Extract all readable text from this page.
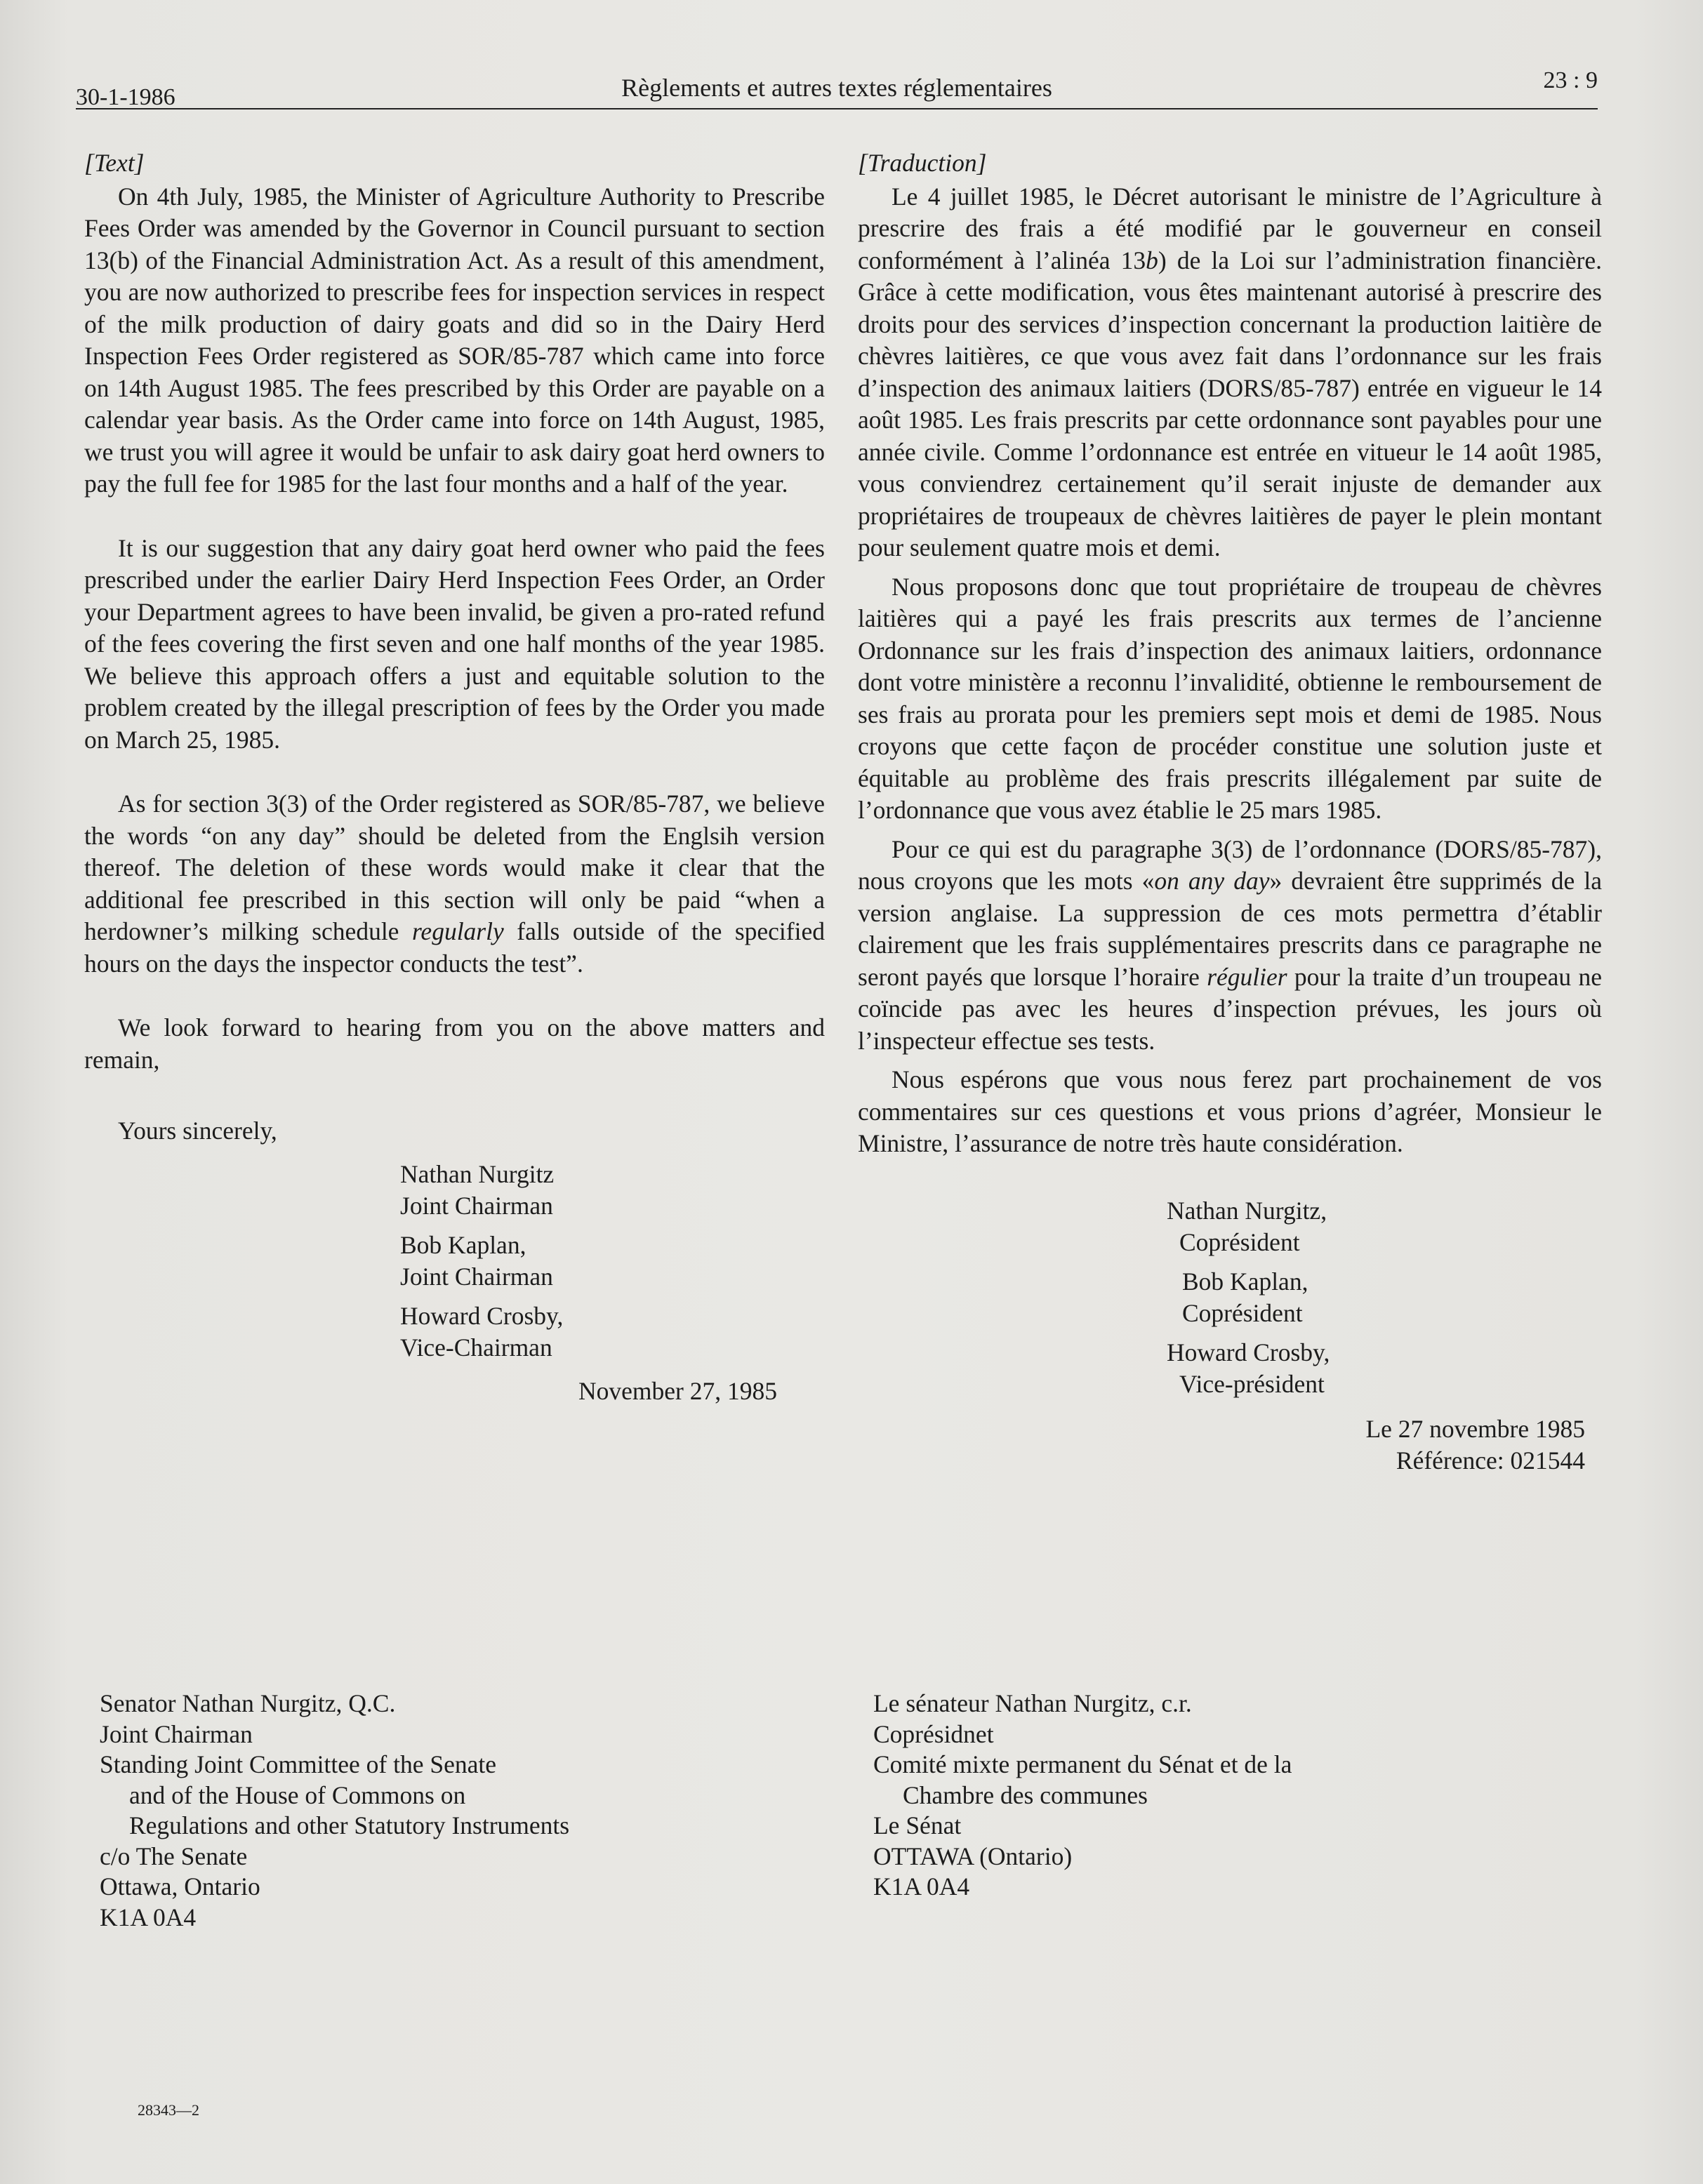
30-1-1986	Règlements et autres textes réglementaires	23 : 9
[Text]

On 4th July, 1985, the Minister of Agriculture Authority to Prescribe Fees Order was amended by the Governor in Council pursuant to section 13(b) of the Financial Administration Act. As a result of this amendment, you are now authorized to prescribe fees for inspection services in respect of the milk production of dairy goats and did so in the Dairy Herd Inspection Fees Order registered as SOR/85-787 which came into force on 14th August 1985. The fees prescribed by this Order are payable on a calendar year basis. As the Order came into force on 14th August, 1985, we trust you will agree it would be unfair to ask dairy goat herd owners to pay the full fee for 1985 for the last four months and a half of the year.

It is our suggestion that any dairy goat herd owner who paid the fees prescribed under the earlier Dairy Herd Inspection Fees Order, an Order your Department agrees to have been invalid, be given a pro-rated refund of the fees covering the first seven and one half months of the year 1985. We believe this approach offers a just and equitable solution to the problem created by the illegal prescription of fees by the Order you made on March 25, 1985.

As for section 3(3) of the Order registered as SOR/85-787, we believe the words “on any day” should be deleted from the Englsih version thereof. The deletion of these words would make it clear that the additional fee prescribed in this section will only be paid “when a herdowner’s milking schedule regularly falls outside of the specified hours on the days the inspector conducts the test”.

We look forward to hearing from you on the above matters and remain,

Yours sincerely,
Nathan Nurgitz
Joint Chairman
Bob Kaplan,
Joint Chairman
Howard Crosby,
Vice-Chairman
November 27, 1985
Senator Nathan Nurgitz, Q.C.
Joint Chairman
Standing Joint Committee of the Senate
and of the House of Commons on
Regulations and other Statutory Instruments
c/o The Senate
Ottawa, Ontario
K1A 0A4
[Traduction]

Le 4 juillet 1985, le Décret autorisant le ministre de l’Agriculture à prescrire des frais a été modifié par le gouverneur en conseil conformément à l’alinéa 13b) de la Loi sur l’administration financière. Grâce à cette modification, vous êtes maintenant autorisé à prescrire des droits pour des services d’inspection concernant la production laitière de chèvres laitières, ce que vous avez fait dans l’ordonnance sur les frais d’inspection des animaux laitiers (DORS/85-787) entrée en vigueur le 14 août 1985. Les frais prescrits par cette ordonnance sont payables pour une année civile. Comme l’ordonnance est entrée en vitueur le 14 août 1985, vous conviendrez certainement qu’il serait injuste de demander aux propriétaires de troupeaux de chèvres laitières de payer le plein montant pour seulement quatre mois et demi.

Nous proposons donc que tout propriétaire de troupeau de chèvres laitières qui a payé les frais prescrits aux termes de l’ancienne Ordonnance sur les frais d’inspection des animaux laitiers, ordonnance dont votre ministère a reconnu l’invalidité, obtienne le remboursement de ses frais au prorata pour les premiers sept mois et demi de 1985. Nous croyons que cette façon de procéder constitue une solution juste et équitable au problème des frais prescrits illégalement par suite de l’ordonnance que vous avez établie le 25 mars 1985.

Pour ce qui est du paragraphe 3(3) de l’ordonnance (DORS/85-787), nous croyons que les mots «on any day» devraient être supprimés de la version anglaise. La suppression de ces mots permettra d’établir clairement que les frais supplémentaires prescrits dans ce paragraphe ne seront payés que lorsque l’horaire régulier pour la traite d’un troupeau ne coïncide pas avec les heures d’inspection prévues, les jours où l’inspecteur effectue ses tests.

Nous espérons que vous nous ferez part prochainement de vos commentaires sur ces questions et vous prions d’agréer, Monsieur le Ministre, l’assurance de notre très haute considération.

Nathan Nurgitz,
Coprésident
Bob Kaplan,
Coprésident
Howard Crosby,
Vice-président
Le 27 novembre 1985
Référence: 021544
Le sénateur Nathan Nurgitz, c.r.
Coprésidnet
Comité mixte permanent du Sénat et de la
Chambre des communes
Le Sénat
OTTAWA (Ontario)
K1A 0A4
28343—2
